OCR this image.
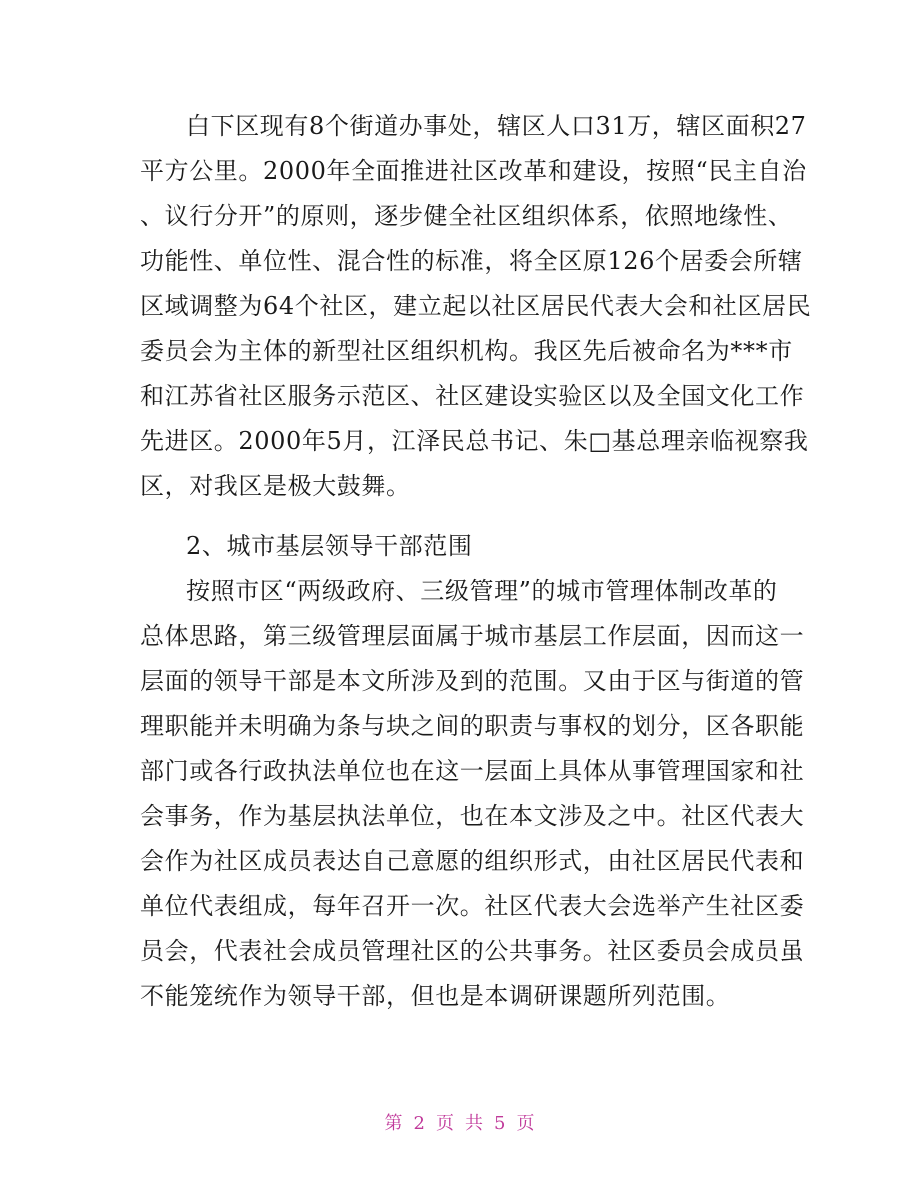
白下区现有8个街道办事处，辖区人口31万，辖区面积27
平方公里。2000年全面推进社区改革和建设，按照“民主自治
、议行分开”的原则，逐步健全社区组织体系，依照地缘性、
功能性、单位性、混合性的标准，将全区原126个居委会所辖
区域调整为64个社区，建立起以社区居民代表大会和社区居民
委员会为主体的新型社区组织机构。我区先后被命名为***市
和江苏省社区服务示范区、社区建设实验区以及全国文化工作
先进区。2000年5月，江泽民总书记、朱□基总理亲临视察我
区，对我区是极大鼓舞。
2、城市基层领导干部范围
按照市区“两级政府、三级管理”的城市管理体制改革的
总体思路，第三级管理层面属于城市基层工作层面，因而这一
层面的领导干部是本文所涉及到的范围。又由于区与街道的管
理职能并未明确为条与块之间的职责与事权的划分，区各职能
部门或各行政执法单位也在这一层面上具体从事管理国家和社
会事务，作为基层执法单位，也在本文涉及之中。社区代表大
会作为社区成员表达自己意愿的组织形式，由社区居民代表和
单位代表组成，每年召开一次。社区代表大会选举产生社区委
员会，代表社会成员管理社区的公共事务。社区委员会成员虽
不能笼统作为领导干部，但也是本调研课题所列范围。
第 2 页 共 5 页
